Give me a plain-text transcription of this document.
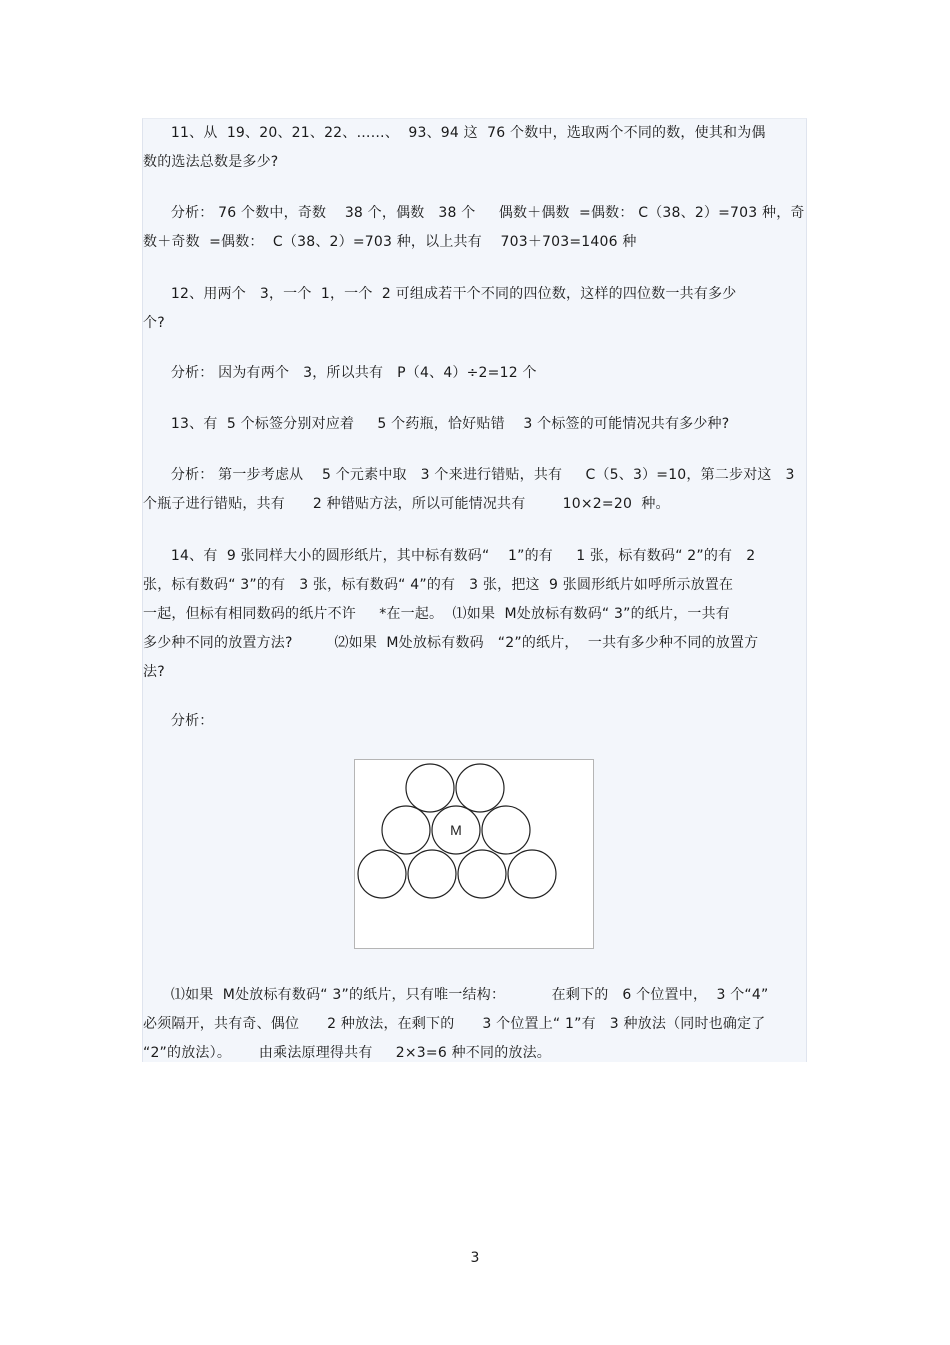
11、从  19、20、21、22、……、  93、94 这  76 个数中，选取两个不同的数，使其和为偶
数的选法总数是多少?
分析： 76 个数中，奇数    38 个，偶数   38 个     偶数＋偶数  =偶数： C（38、2）=703 种，奇
数＋奇数  =偶数：  C（38、2）=703 种，以上共有    703＋703=1406 种
12、用两个   3，一个  1，一个  2 可组成若干个不同的四位数，这样的四位数一共有多少
个?
分析： 因为有两个   3，所以共有   P（4、4）÷2=12 个
13、有  5 个标签分别对应着     5 个药瓶，恰好贴错    3 个标签的可能情况共有多少种?
分析： 第一步考虑从    5 个元素中取   3 个来进行错贴，共有     C（5、3）=10，第二步对这   3
个瓶子进行错贴，共有      2 种错贴方法，所以可能情况共有        10×2=20  种。
14、有  9 张同样大小的圆形纸片，其中标有数码“    1”的有     1 张，标有数码“ 2”的有   2
张，标有数码“ 3”的有   3 张，标有数码“ 4”的有   3 张，把这  9 张圆形纸片如呼所示放置在
一起，但标有相同数码的纸片不许     *在一起。  ⑴如果  M处放标有数码“ 3”的纸片，一共有
多少种不同的放置方法?         ⑵如果  M处放标有数码   “2”的纸片，  一共有多少种不同的放置方
法?
分析：
M
⑴如果  M处放标有数码“ 3”的纸片，只有唯一结构：          在剩下的   6 个位置中，  3 个“4”
必须隔开，共有奇、偶位      2 种放法，在剩下的      3 个位置上“ 1”有   3 种放法（同时也确定了
“2”的放法）。      由乘法原理得共有     2×3=6 种不同的放法。
3
